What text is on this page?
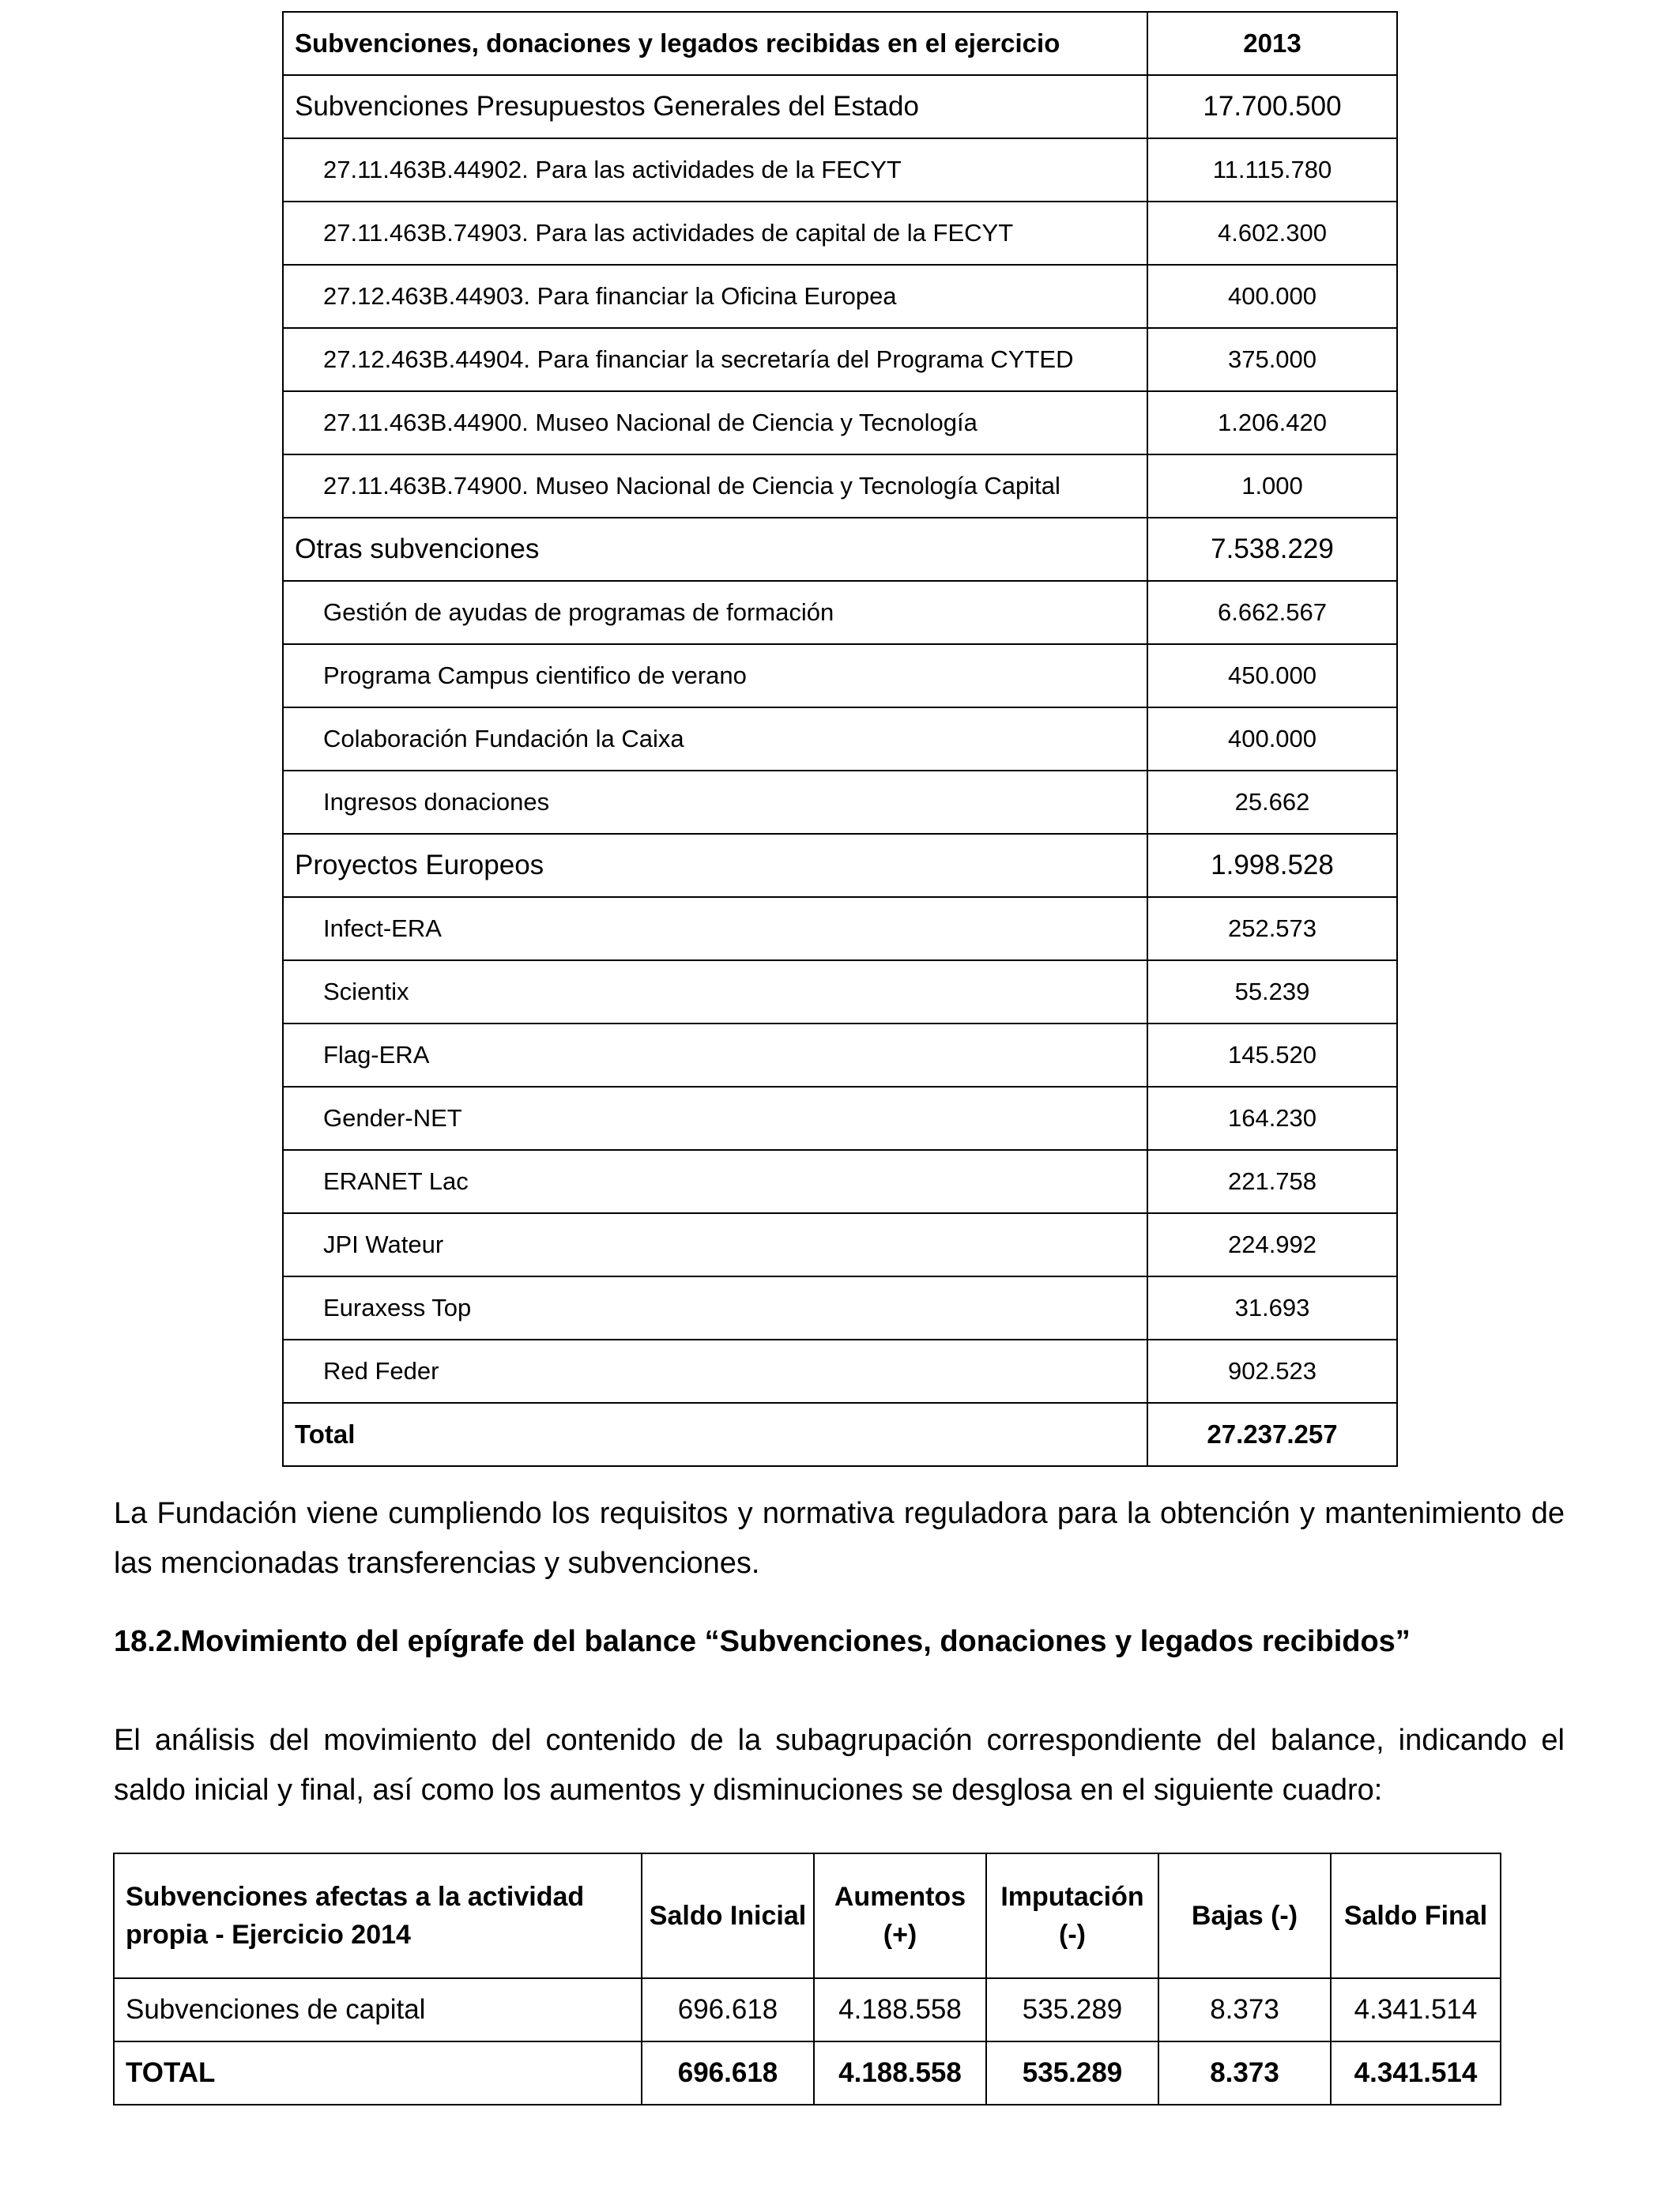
Subvenciones, donaciones y legados recibidas en el ejercicio	2013
Subvenciones Presupuestos Generales del Estado	17.700.500
27.11.463B.44902. Para las actividades de la FECYT	11.115.780
27.11.463B.74903. Para las actividades de capital de la FECYT	4.602.300
27.12.463B.44903. Para financiar la Oficina Europea	400.000
27.12.463B.44904. Para financiar la secretaría del Programa CYTED	375.000
27.11.463B.44900. Museo Nacional de Ciencia y Tecnología	1.206.420
27.11.463B.74900. Museo Nacional de Ciencia y Tecnología Capital	1.000
Otras subvenciones	7.538.229
Gestión de ayudas de programas de formación	6.662.567
Programa Campus cientifico de verano	450.000
Colaboración Fundación la Caixa	400.000
Ingresos donaciones	25.662
Proyectos Europeos	1.998.528
Infect-ERA	252.573
Scientix	55.239
Flag-ERA	145.520
Gender-NET	164.230
ERANET Lac	221.758
JPI Wateur	224.992
Euraxess Top	31.693
Red Feder	902.523
Total	27.237.257

La Fundación viene cumpliendo los requisitos y normativa reguladora para la obtención y mantenimiento de las mencionadas transferencias y subvenciones.

18.2.Movimiento del epígrafe del balance “Subvenciones, donaciones y legados recibidos”

El análisis del movimiento del contenido de la subagrupación correspondiente del balance, indicando el saldo inicial y final, así como los aumentos y disminuciones se desglosa en el siguiente cuadro:

Subvenciones afectas a la actividad propia - Ejercicio 2014	Saldo Inicial	Aumentos (+)	Imputación (-)	Bajas (-)	Saldo Final
Subvenciones de capital	696.618	4.188.558	535.289	8.373	4.341.514
TOTAL	696.618	4.188.558	535.289	8.373	4.341.514
